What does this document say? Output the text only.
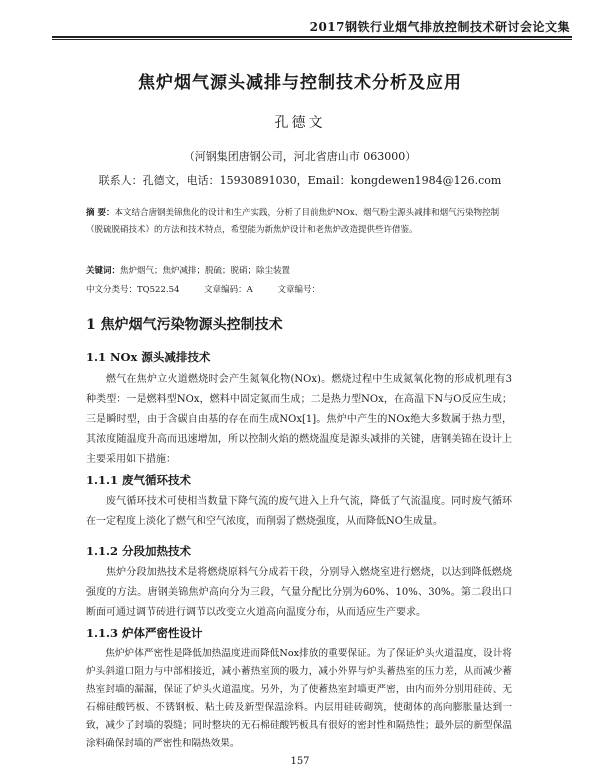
2017钢铁行业烟气排放控制技术研讨会论文集
焦炉烟气源头减排与控制技术分析及应用
孔德文
（河钢集团唐钢公司，河北省唐山市 063000）
联系人：孔德文，电话：15930891030，Email：kongdewen1984@126.com
摘 要：本文结合唐钢美锦焦化的设计和生产实践，分析了目前焦炉NOx、烟气粉尘源头减排和烟气污染物控制（脱硫脱硝技术）的方法和技术特点，希望能为新焦炉设计和老焦炉改造提供些许借鉴。
关键词：焦炉烟气；焦炉减排；脱硫；脱硝；除尘装置
中文分类号：TQ522.54	文章编码：A	文章编号：
1 焦炉烟气污染物源头控制技术
1.1 NOx 源头减排技术
燃气在焦炉立火道燃烧时会产生氮氧化物(NOx)。燃烧过程中生成氮氧化物的形成机理有3种类型：一是燃料型NOx，燃料中固定氮而生成；二是热力型NOx，在高温下N与O反应生成；三是瞬时型，由于含碳自由基的存在而生成NOx[1]。焦炉中产生的NOx绝大多数属于热力型，其浓度随温度升高而迅速增加，所以控制火焰的燃烧温度是源头减排的关键，唐钢美锦在设计上主要采用如下措施：
1.1.1 废气循环技术
废气循环技术可使相当数量下降气流的废气进入上升气流，降低了气流温度。同时废气循环在一定程度上淡化了燃气和空气浓度，而削弱了燃烧强度，从而降低NO生成量。
1.1.2 分段加热技术
焦炉分段加热技术是将燃烧原料气分成若干段，分别导入燃烧室进行燃烧，以达到降低燃烧强度的方法。唐钢美锦焦炉高向分为三段，气量分配比分别为60%、10%、30%。第二段出口断面可通过调节砖进行调节以改变立火道高向温度分布，从而适应生产要求。
1.1.3 炉体严密性设计
焦炉炉体严密性是降低加热温度进而降低Nox排放的重要保证。为了保证炉头火道温度，设计将炉头斜道口阻力与中部相接近，减小蓄热室顶的吸力，减小外界与炉头蓄热室的压力差，从而减少蓄热室封墙的漏漏，保证了炉头火道温度。另外，为了使蓄热室封墙更严密，由内而外分别用硅砖、无石棉硅酸钙板、不锈钢板、粘土砖及新型保温涂料。内层用硅砖砌筑，使砌体的高向膨胀量达到一致，减少了封墙的裂缝；同时整块的无石棉硅酸钙板具有很好的密封性和隔热性；最外层的新型保温涂料确保封墙的严密性和隔热效果。
157
